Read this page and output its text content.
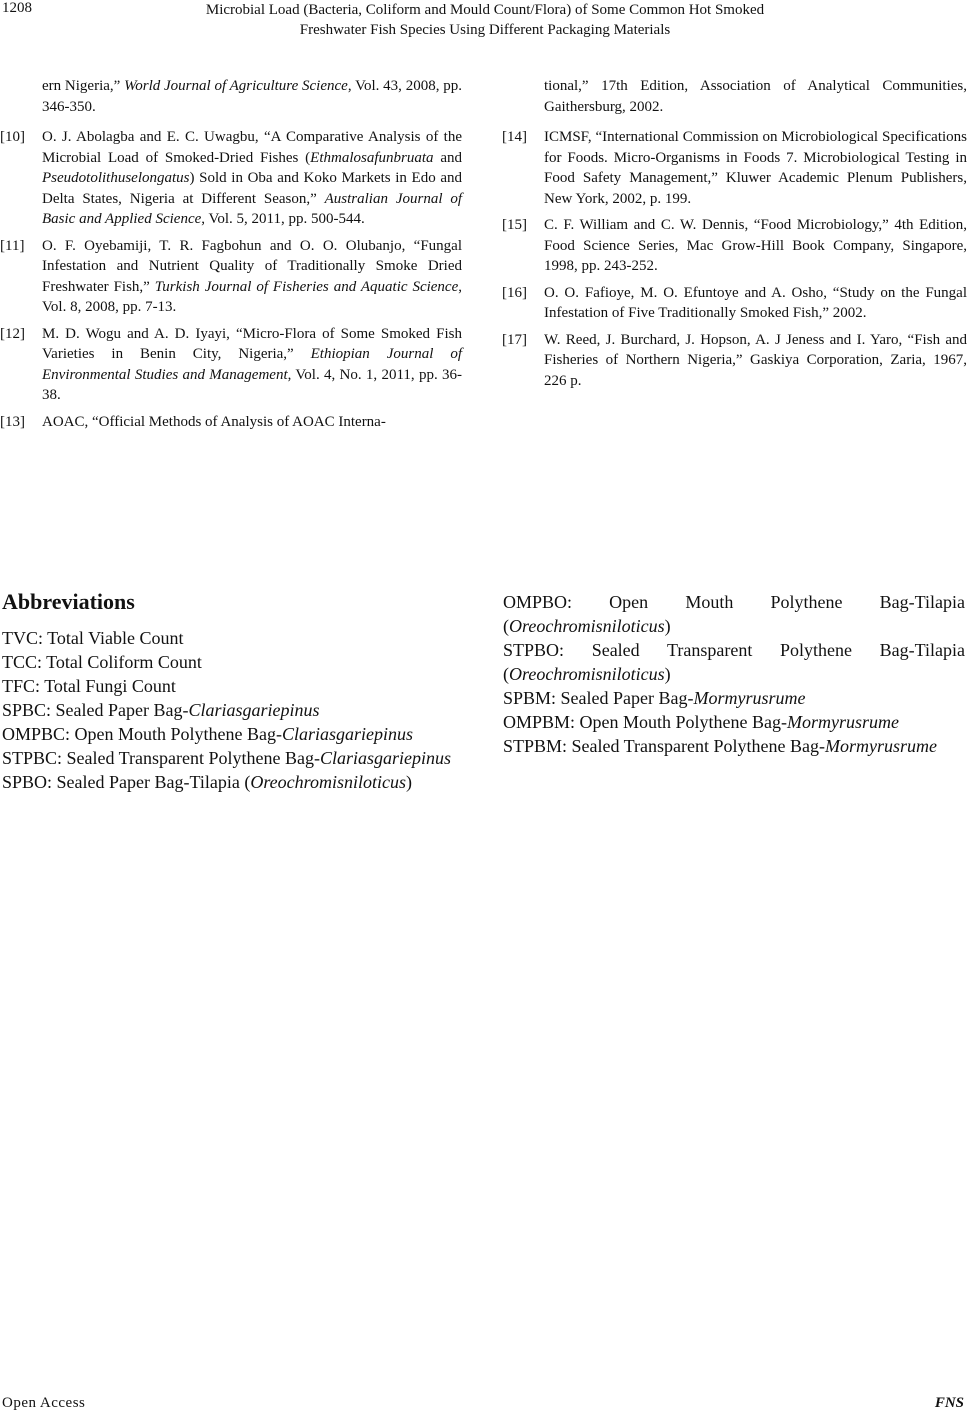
1208	Microbial Load (Bacteria, Coliform and Mould Count/Flora) of Some Common Hot Smoked
Freshwater Fish Species Using Different Packaging Materials
ern Nigeria,” World Journal of Agriculture Science, Vol. 43, 2008, pp. 346-350.
[10] O. J. Abolagba and E. C. Uwagbu, “A Comparative Analysis of the Microbial Load of Smoked-Dried Fishes (Ethmalosafunbruata and Pseudotolithuselongatus) Sold in Oba and Koko Markets in Edo and Delta States, Nigeria at Different Season,” Australian Journal of Basic and Applied Science, Vol. 5, 2011, pp. 500-544.
[11] O. F. Oyebamiji, T. R. Fagbohun and O. O. Olubanjo, “Fungal Infestation and Nutrient Quality of Traditionally Smoke Dried Freshwater Fish,” Turkish Journal of Fisheries and Aquatic Science, Vol. 8, 2008, pp. 7-13.
[12] M. D. Wogu and A. D. Iyayi, “Micro-Flora of Some Smoked Fish Varieties in Benin City, Nigeria,” Ethiopian Journal of Environmental Studies and Management, Vol. 4, No. 1, 2011, pp. 36-38.
[13] AOAC, “Official Methods of Analysis of AOAC Interna-
tional,” 17th Edition, Association of Analytical Communities, Gaithersburg, 2002.
[14] ICMSF, “International Commission on Microbiological Specifications for Foods. Micro-Organisms in Foods 7. Microbiological Testing in Food Safety Management,” Kluwer Academic Plenum Publishers, New York, 2002, p. 199.
[15] C. F. William and C. W. Dennis, “Food Microbiology,” 4th Edition, Food Science Series, Mac Grow-Hill Book Company, Singapore, 1998, pp. 243-252.
[16] O. O. Fafioye, M. O. Efuntoye and A. Osho, “Study on the Fungal Infestation of Five Traditionally Smoked Fish,” 2002.
[17] W. Reed, J. Burchard, J. Hopson, A. J Jeness and I. Yaro, “Fish and Fisheries of Northern Nigeria,” Gaskiya Corporation, Zaria, 1967, 226 p.
Abbreviations
TVC: Total Viable Count
TCC: Total Coliform Count
TFC: Total Fungi Count
SPBC: Sealed Paper Bag-Clariasgariepinus
OMPBC: Open Mouth Polythene Bag-Clariasgariepinus
STPBC: Sealed Transparent Polythene Bag-Clariasgariepinus
SPBO: Sealed Paper Bag-Tilapia (Oreochromisniloticus)
OMPBO: Open Mouth Polythene Bag-Tilapia (Oreochromisniloticus)
STPBO: Sealed Transparent Polythene Bag-Tilapia (Oreochromisniloticus)
SPBM: Sealed Paper Bag-Mormyrusrume
OMPBM: Open Mouth Polythene Bag-Mormyrusrume
STPBM: Sealed Transparent Polythene Bag-Mormyrusrume
Open Access	FNS
